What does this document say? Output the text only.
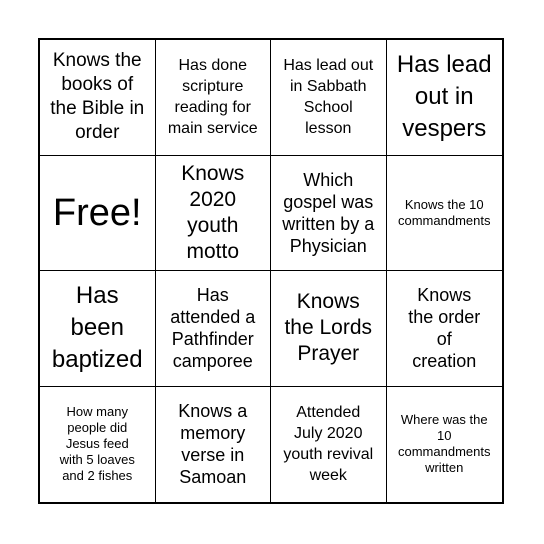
Knows the
books of
the Bible in
order
Has done
scripture
reading for
main service
Has lead out
in Sabbath
School
lesson
Has lead
out in
vespers
Free!
Knows
2020
youth
motto
Which
gospel was
written by a
Physician
Knows the 10
commandments
Has
been
baptized
Has
attended a
Pathfinder
camporee
Knows
the Lords
Prayer
Knows
the order
of
creation
How many
people did
Jesus feed
with 5 loaves
and 2 fishes
Knows a
memory
verse in
Samoan
Attended
July 2020
youth revival
week
Where was the
10
commandments
written
